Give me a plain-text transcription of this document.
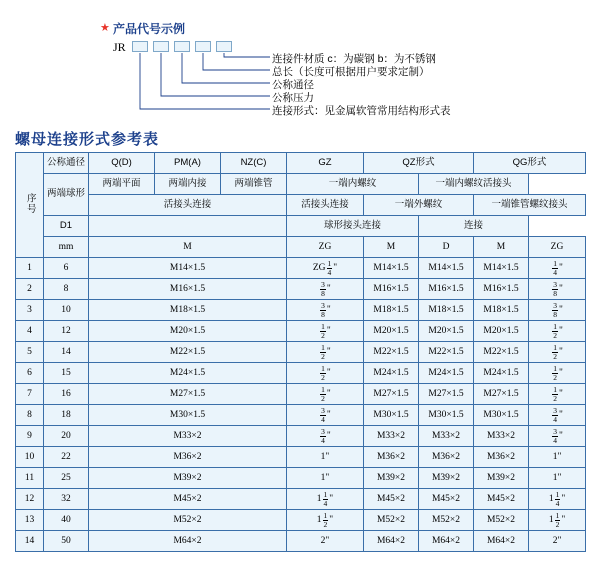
★ 产品代号示例
JR
连接件材质 c：为碳钢 b：为不锈钢
总长（长度可根据用户要求定制）
公称通径
公称压力
连接形式：见金属软管常用结构形式表
螺母连接形式参考表
序号	公称通径	Q(D)	PM(A)	NZ(C)	GZ	QZ形式		QG形式	
	两端球形	两端平面	两端内接	两端锥管	一端内螺纹		一端内螺纹活接头		
		活接头连接			活接头连接	一端外螺纹		一端锥管螺纹接头	
	D1				球形接头连接		连接		
	mm	M			ZG	M	D	M	ZG
1	6	M14×1.5			ZG $\frac{1}{4}$ "	M14×1.5	M14×1.5	M14×1.5	$\frac{1}{4}$ "
2	8	M16×1.5			$\frac{3}{8}$ "	M16×1.5	M16×1.5	M16×1.5	$\frac{3}{8}$ "
3	10	M18×1.5			$\frac{3}{8}$ "	M18×1.5	M18×1.5	M18×1.5	$\frac{3}{8}$ "
4	12	M20×1.5			$\frac{1}{2}$ "	M20×1.5	M20×1.5	M20×1.5	$\frac{1}{2}$ "
5	14	M22×1.5			$\frac{1}{2}$ "	M22×1.5	M22×1.5	M22×1.5	$\frac{1}{2}$ "
6	15	M24×1.5			$\frac{1}{2}$ "	M24×1.5	M24×1.5	M24×1.5	$\frac{1}{2}$ "
7	16	M27×1.5			$\frac{1}{2}$ "	M27×1.5	M27×1.5	M27×1.5	$\frac{1}{2}$ "
8	18	M30×1.5			$\frac{3}{4}$ "	M30×1.5	M30×1.5	M30×1.5	$\frac{3}{4}$ "
9	20	M33×2			$\frac{3}{4}$ "	M33×2	M33×2	M33×2	$\frac{3}{4}$ "
10	22	M36×2			1"	M36×2	M36×2	M36×2	1"
11	25	M39×2			1"	M39×2	M39×2	M39×2	1"
12	32	M45×2			$1 \frac{1}{4}$ "	M45×2	M45×2	M45×2	$1 \frac{1}{4}$ "
13	40	M52×2			$1 \frac{1}{2}$ "	M52×2	M52×2	M52×2	$1 \frac{1}{2}$ "
14	50	M64×2			2"	M64×2	M64×2	M64×2	2"
